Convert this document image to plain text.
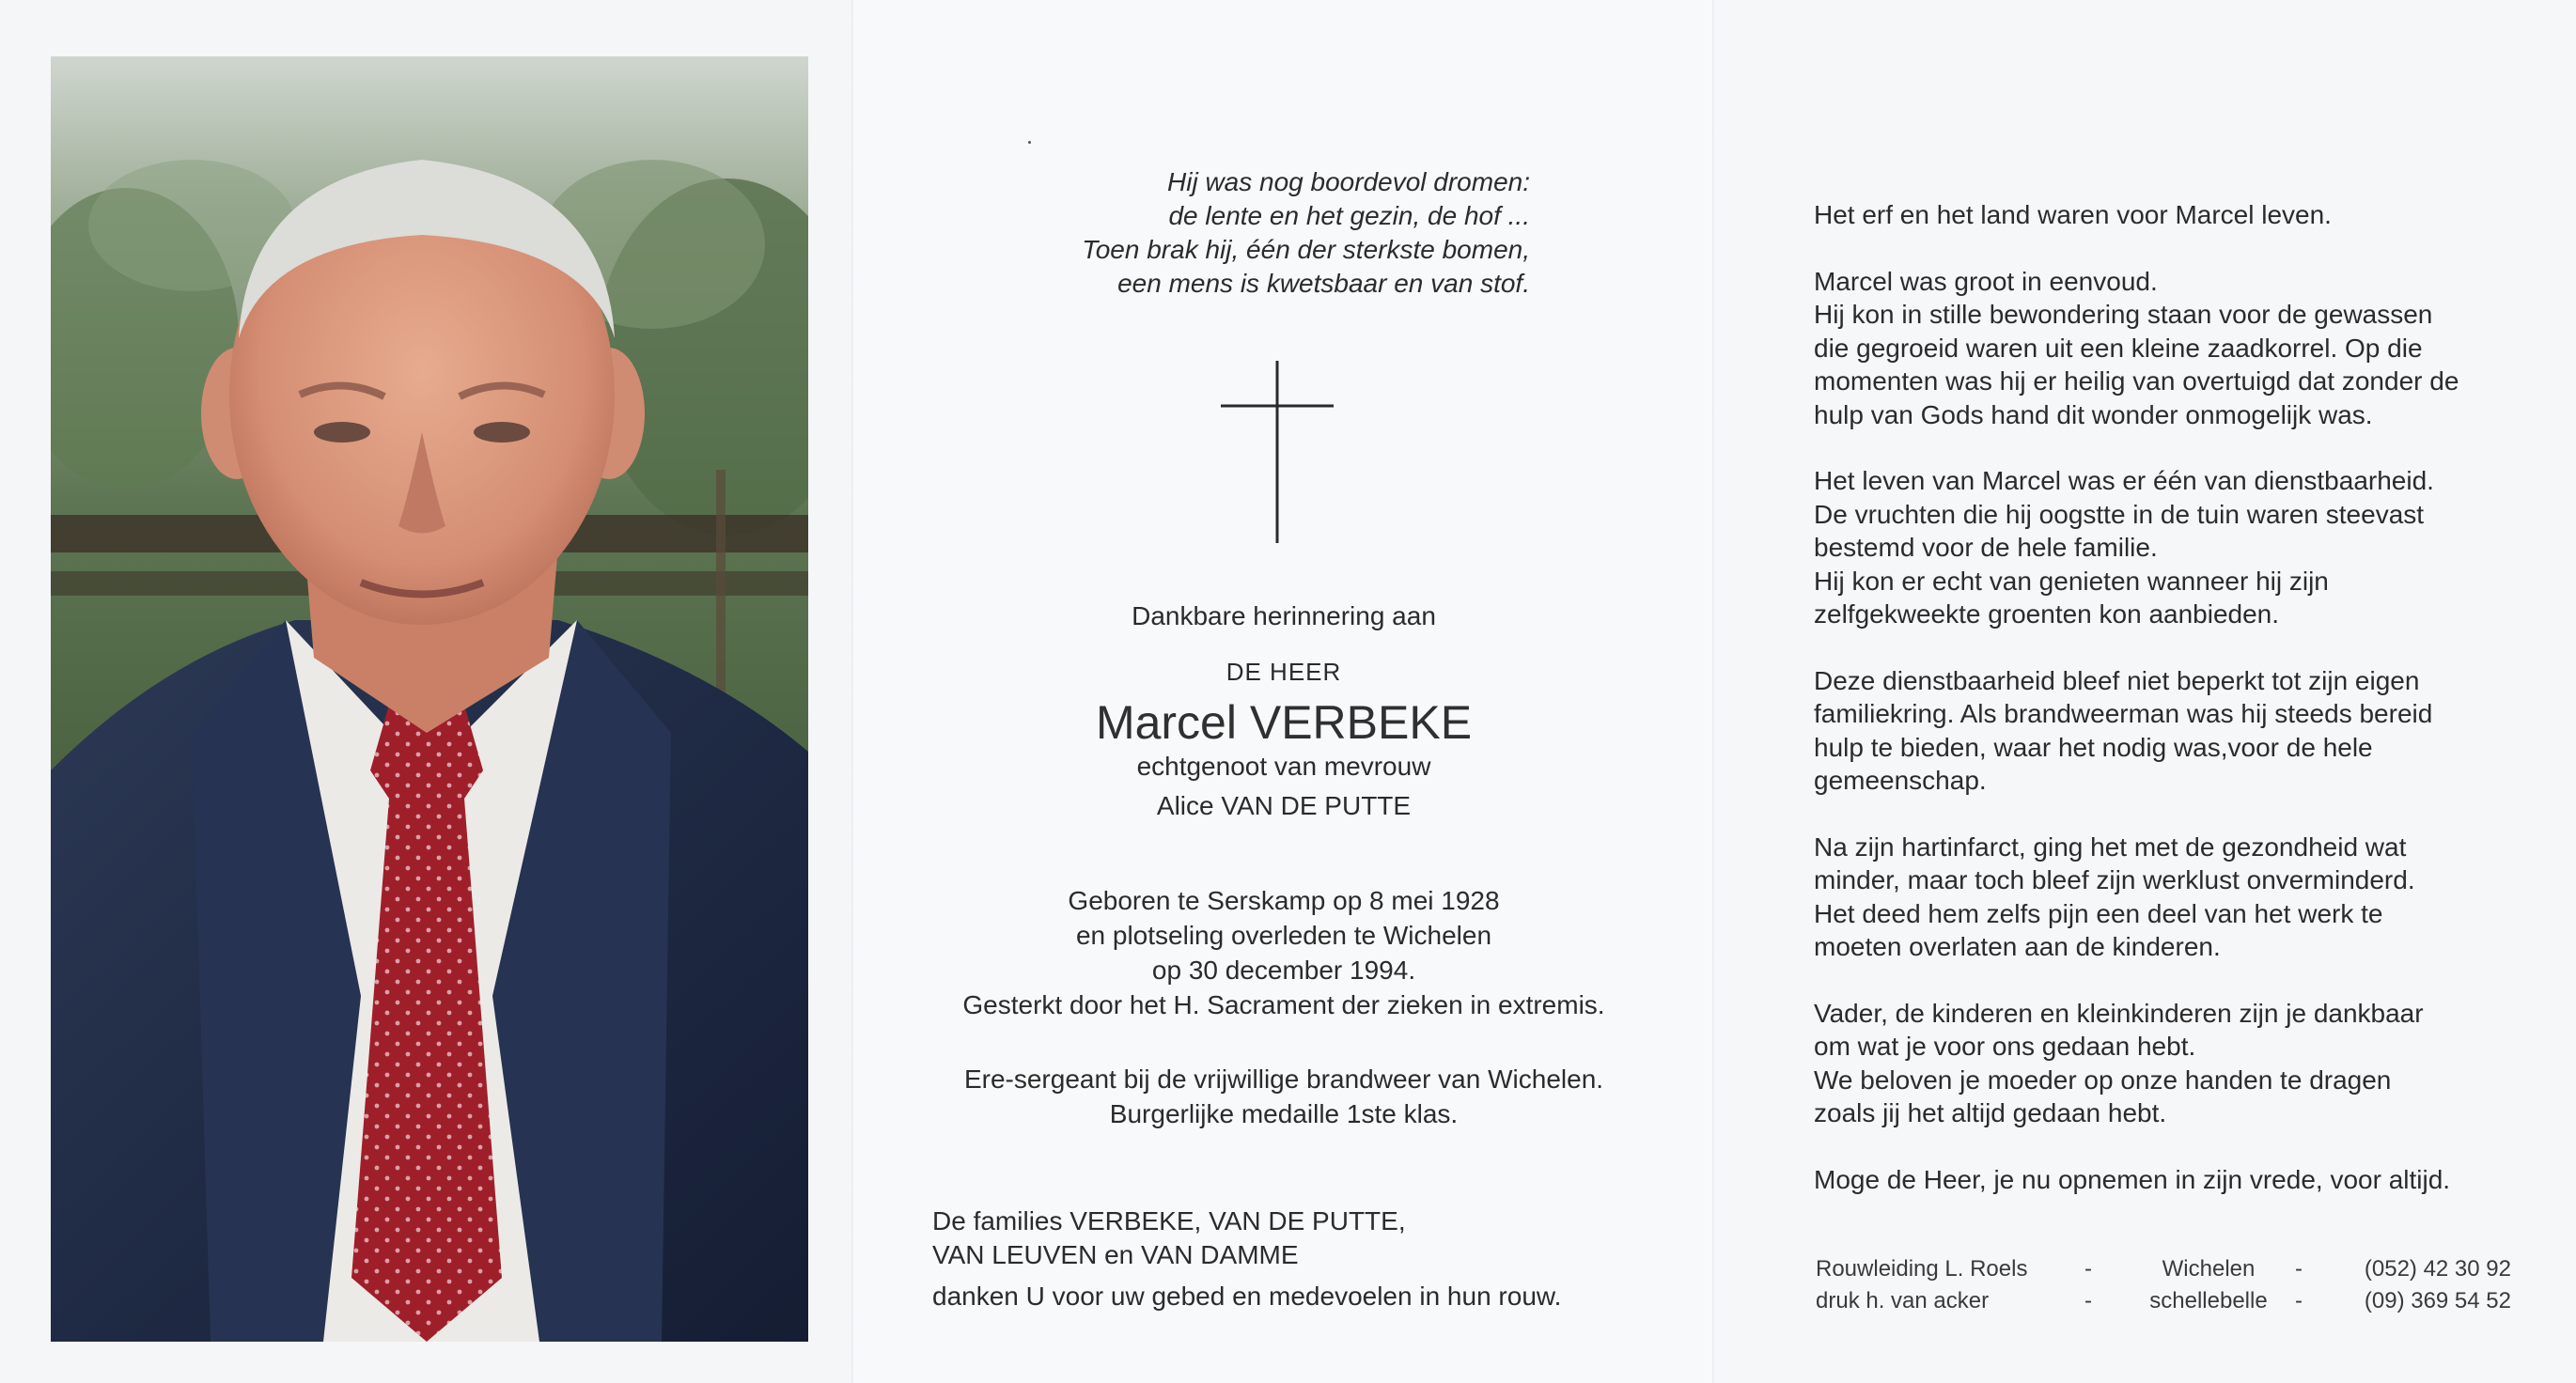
Hij was nog boordevol dromen:
de lente en het gezin, de hof ...
Toen brak hij, één der sterkste bomen,
een mens is kwetsbaar en van stof.
Dankbare herinnering aan
DE HEER
Marcel VERBEKE
echtgenoot van mevrouw
Alice VAN DE PUTTE
Geboren te Serskamp op 8 mei 1928
en plotseling overleden te Wichelen
op 30 december 1994.
Gesterkt door het H. Sacrament der zieken in extremis.
Ere-sergeant bij de vrijwillige brandweer van Wichelen.
Burgerlijke medaille 1ste klas.
De families VERBEKE, VAN DE PUTTE,
VAN LEUVEN en VAN DAMME
danken U voor uw gebed en medevoelen in hun rouw.

Het erf en het land waren voor Marcel leven.

Marcel was groot in eenvoud.
Hij kon in stille bewondering staan voor de gewassen
die gegroeid waren uit een kleine zaadkorrel. Op die
momenten was hij er heilig van overtuigd dat zonder de
hulp van Gods hand dit wonder onmogelijk was.

Het leven van Marcel was er één van dienstbaarheid.
De vruchten die hij oogstte in de tuin waren steevast
bestemd voor de hele familie.
Hij kon er echt van genieten wanneer hij zijn
zelfgekweekte groenten kon aanbieden.

Deze dienstbaarheid bleef niet beperkt tot zijn eigen
familiekring. Als brandweerman was hij steeds bereid
hulp te bieden, waar het nodig was,voor de hele
gemeenschap.

Na zijn hartinfarct, ging het met de gezondheid wat
minder, maar toch bleef zijn werklust onverminderd.
Het deed hem zelfs pijn een deel van het werk te
moeten overlaten aan de kinderen.

Vader, de kinderen en kleinkinderen zijn je dankbaar
om wat je voor ons gedaan hebt.
We beloven je moeder op onze handen te dragen
zoals jij het altijd gedaan hebt.

Moge de Heer, je nu opnemen in zijn vrede, voor altijd.

Rouwleiding L. Roels	-	Wichelen	-	(052) 42 30 92
druk h. van acker	-	schellebelle	-	(09) 369 54 52
